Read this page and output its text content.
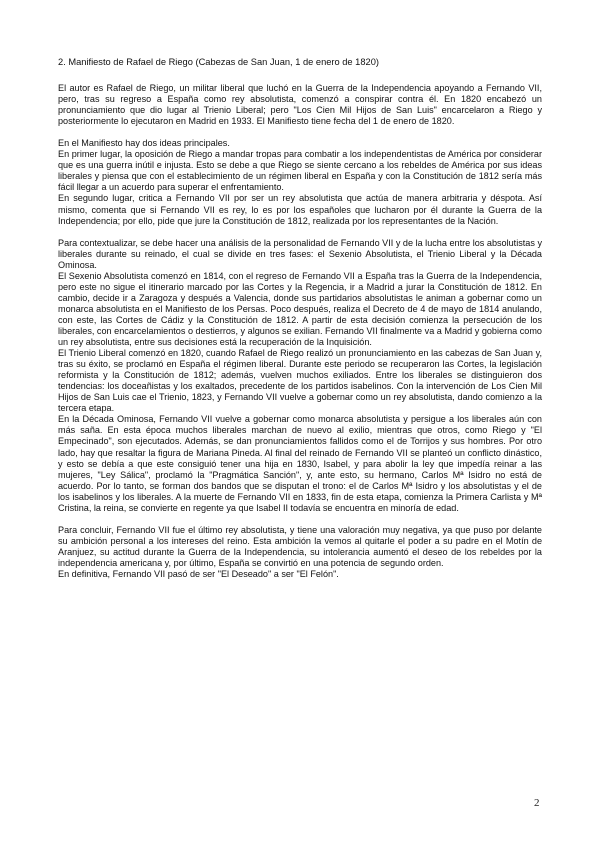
2. Manifiesto de Rafael de Riego (Cabezas de San Juan, 1 de enero de 1820)

El autor es Rafael de Riego, un militar liberal que luchó en la Guerra de la Independencia apoyando a Fernando VII, pero, tras su regreso a España como rey absolutista, comenzó a conspirar contra él. En 1820 encabezó un pronunciamiento que dio lugar al Trienio Liberal; pero "Los Cien Mil Hijos de San Luis" encarcelaron a Riego y posteriormente lo ejecutaron en Madrid en 1933. El Manifiesto tiene fecha del 1 de enero de 1820.

En el Manifiesto hay dos ideas principales.

En primer lugar, la oposición de Riego a mandar tropas para combatir a los independentistas de América por considerar que es una guerra inútil e injusta. Esto se debe a que Riego se siente cercano a los rebeldes de América por sus ideas liberales y piensa que con el establecimiento de un régimen liberal en España y con la Constitución de 1812 sería más fácil llegar a un acuerdo para superar el enfrentamiento.

En segundo lugar, critica a Fernando VII por ser un rey absolutista que actúa de manera arbitraria y déspota. Así mismo, comenta que si Fernando VII es rey, lo es por los españoles que lucharon por él durante la Guerra de la Independencia; por ello, pide que jure la Constitución de 1812, realizada por los representantes de la Nación.

Para contextualizar, se debe hacer una análisis de la personalidad de Fernando VII y de la lucha entre los absolutistas y liberales durante su reinado, el cual se divide en tres fases: el Sexenio Absolutista, el Trienio Liberal y la Década Ominosa.

El Sexenio Absolutista comenzó en 1814, con el regreso de Fernando VII a España tras la Guerra de la Independencia, pero este no sigue el itinerario marcado por las Cortes y la Regencia, ir a Madrid a jurar la Constitución de 1812. En cambio, decide ir a Zaragoza y después a Valencia, donde sus partidarios absolutistas le animan a gobernar como un monarca absolutista en el Manifiesto de los Persas. Poco después, realiza el Decreto de 4 de mayo de 1814 anulando, con este, las Cortes de Cádiz y la Constitución de 1812. A partir de esta decisión comienza la persecución de los liberales, con encarcelamientos o destierros, y algunos se exilian. Fernando VII finalmente va a Madrid y gobierna como un rey absolutista, entre sus decisiones está la recuperación de la Inquisición.

El Trienio Liberal comenzó en 1820, cuando Rafael de Riego realizó un pronunciamiento en las cabezas de San Juan y, tras su éxito, se proclamó en España el régimen liberal. Durante este periodo se recuperaron las Cortes, la legislación reformista y la Constitución de 1812; además, vuelven muchos exiliados. Entre los liberales se distinguieron dos tendencias: los doceañistas y los exaltados, precedente de los partidos isabelinos. Con la intervención de Los Cien Mil Hijos de San Luis cae el Trienio, 1823, y Fernando VII vuelve a gobernar como un rey absolutista, dando comienzo a la tercera etapa.

En la Década Ominosa, Fernando VII vuelve a gobernar como monarca absolutista y persigue a los liberales aún con más saña. En esta época muchos liberales marchan de nuevo al exilio, mientras que otros, como Riego y "El Empecinado", son ejecutados. Además, se dan pronunciamientos fallidos como el de Torrijos y sus hombres. Por otro lado, hay que resaltar la figura de Mariana Pineda. Al final del reinado de Fernando VII se planteó un conflicto dinástico, y esto se debía a que este consiguió tener una hija en 1830, Isabel, y para abolir la ley que impedía reinar a las mujeres, "Ley Sálica", proclamó la "Pragmática Sanción", y, ante esto, su hermano, Carlos Mª Isidro no está de acuerdo. Por lo tanto, se forman dos bandos que se disputan el trono: el de Carlos Mª Isidro y los absolutistas y el de los isabelinos y los liberales. A la muerte de Fernando VII en 1833, fin de esta etapa, comienza la Primera Carlista y Mª Cristina, la reina, se convierte en regente ya que Isabel II todavía se encuentra en minoría de edad.

Para concluir, Fernando VII fue el último rey absolutista, y tiene una valoración muy negativa, ya que puso por delante su ambición personal a los intereses del reino. Esta ambición la vemos al quitarle el poder a su padre en el Motín de Aranjuez, su actitud durante la Guerra de la Independencia, su intolerancia aumentó el deseo de los rebeldes por la independencia americana y, por último, España se convirtió en una potencia de segundo orden.

En definitiva, Fernando VII pasó de ser "El Deseado" a ser "El Felón".

2
